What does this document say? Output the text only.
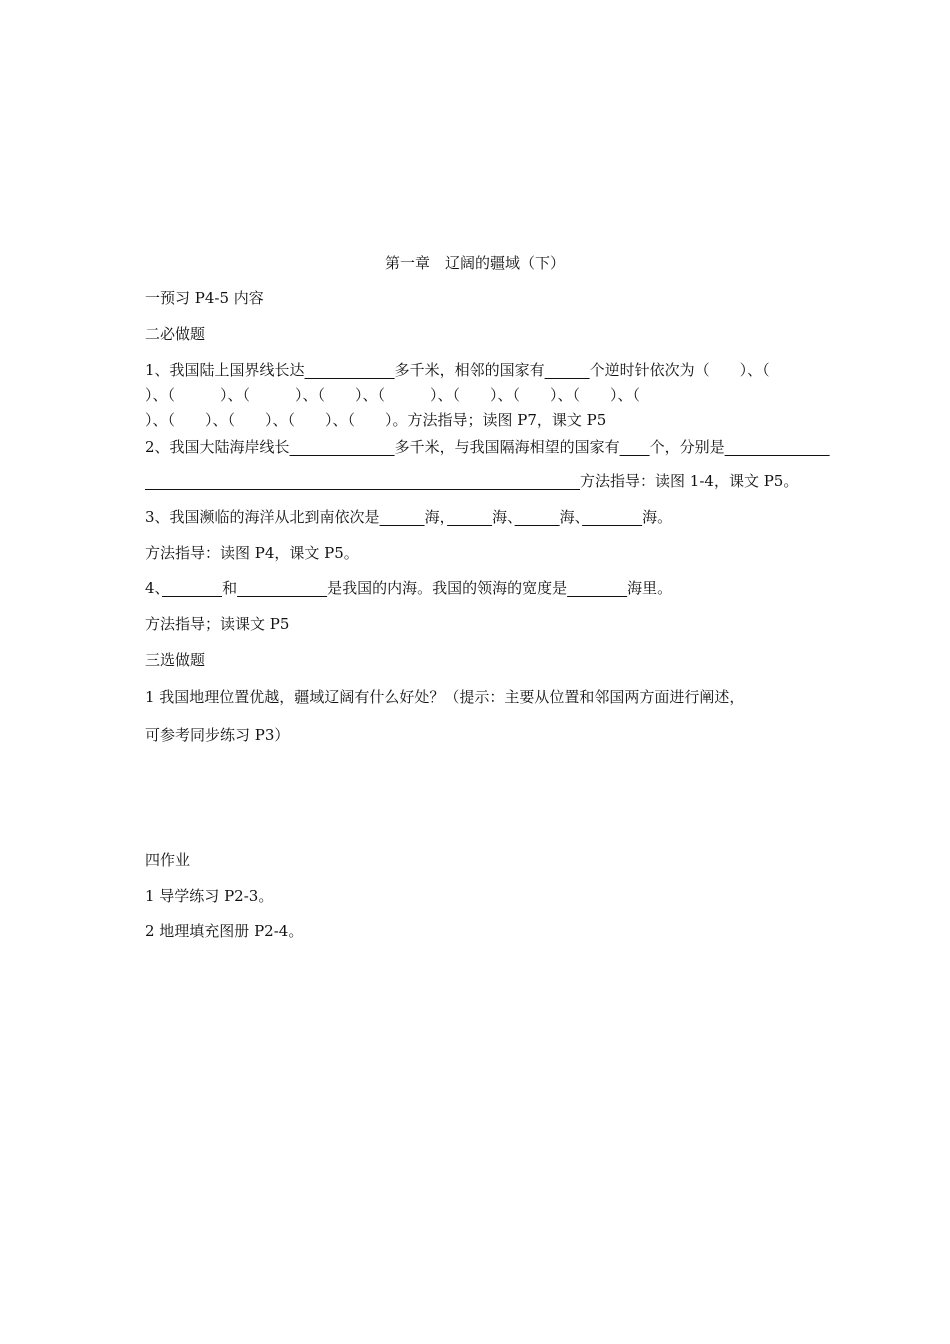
第一章　辽阔的疆域（下）
一预习 P4-5 内容
二必做题
1、我国陆上国界线长达　　　　　　	多千米，相邻的国家有　　　	个逆时针依次为（　　）、（
）、（　　　）、（　　　）、（　　）、（　　　）、（　　）、（　　）、（　　）、（
）、（　　）、（　　）、（　　）、（　　）。方法指导；读图 P7，课文 P5
2、我国大陆海岸线长　　　　　　　	多千米，与我国隔海相望的国家有　　 个，分别是　　　　　　　
　　　　　　　　　　　　　　　　　　　　　　　　　　　　　方法指导：读图 1-4，课文 P5。
3、我国濒临的海洋从北到南依次是　　　	海，　　　	海、　　　	海、　　　　	海。
方法指导：读图 P4，课文 P5。
4、　　　　	和　　　　　　	是我国的内海。我国的领海的宽度是　　　　	海里。
方法指导；读课文 P5
三选做题
1 我国地理位置优越，疆域辽阔有什么好处？（提示：主要从位置和邻国两方面进行阐述，
可参考同步练习 P3）
四作业
1 导学练习 P2-3。
2 地理填充图册 P2-4。
